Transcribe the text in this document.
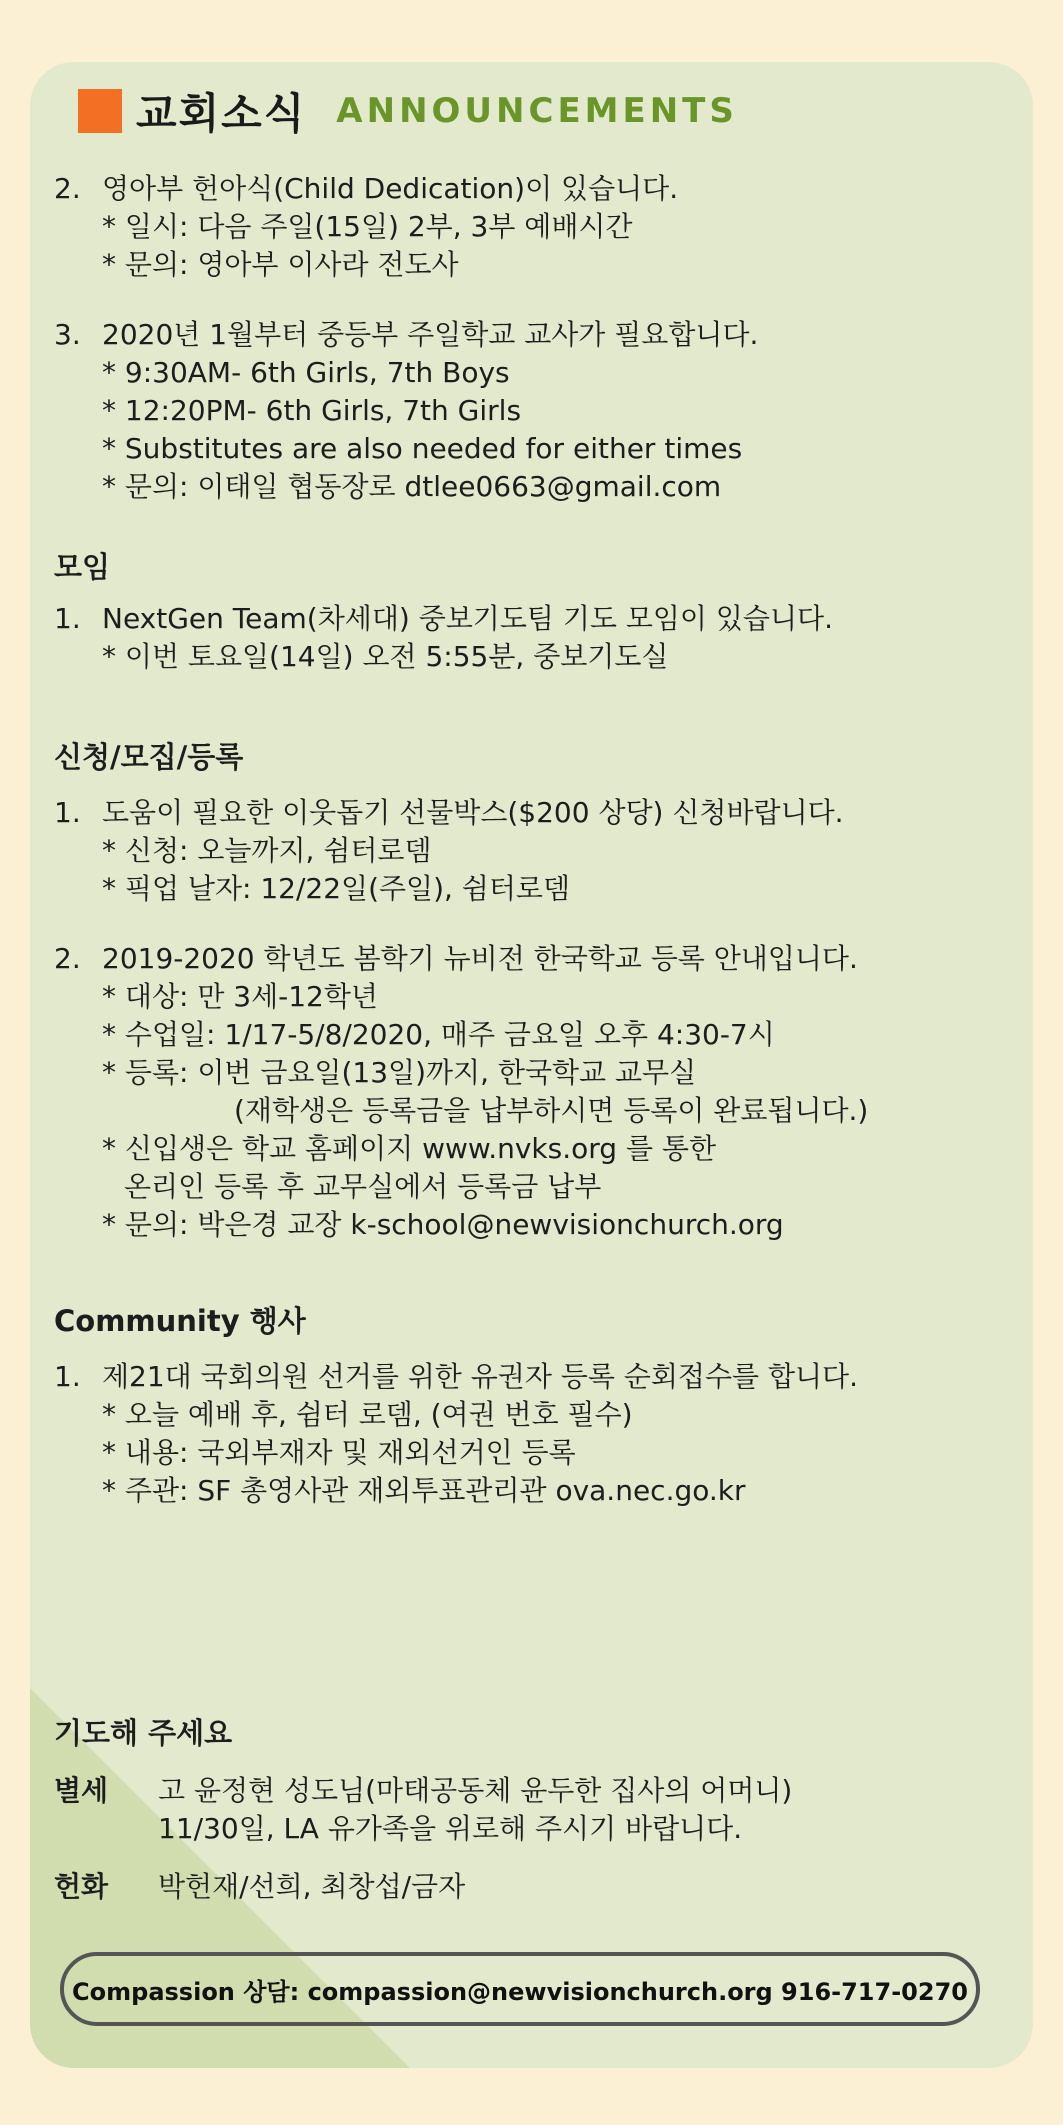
교회소식 ANNOUNCEMENTS
2. 영아부 헌아식(Child Dedication)이 있습니다.
* 일시: 다음 주일(15일) 2부, 3부 예배시간
* 문의: 영아부 이사라 전도사
3. 2020년 1월부터 중등부 주일학교 교사가 필요합니다.
* 9:30AM- 6th Girls, 7th Boys
* 12:20PM- 6th Girls, 7th Girls
* Substitutes are also needed for either times
* 문의: 이태일 협동장로 dtlee0663@gmail.com
모임
1. NextGen Team(차세대) 중보기도팀 기도 모임이 있습니다.
* 이번 토요일(14일) 오전 5:55분, 중보기도실
신청/모집/등록
1. 도움이 필요한 이웃돕기 선물박스($200 상당) 신청바랍니다.
* 신청: 오늘까지, 쉼터로뎀
* 픽업 날자: 12/22일(주일), 쉼터로뎀
2. 2019-2020 학년도 봄학기 뉴비전 한국학교 등록 안내입니다.
* 대상: 만 3세-12학년
* 수업일: 1/17-5/8/2020, 매주 금요일 오후 4:30-7시
* 등록: 이번 금요일(13일)까지, 한국학교 교무실
(재학생은 등록금을 납부하시면 등록이 완료됩니다.)
* 신입생은 학교 홈페이지 www.nvks.org 를 통한
온리인 등록 후 교무실에서 등록금 납부
* 문의: 박은경 교장 k-school@newvisionchurch.org
Community 행사
1. 제21대 국회의원 선거를 위한 유권자 등록 순회접수를 합니다.
* 오늘 예배 후, 쉼터 로뎀, (여권 번호 필수)
* 내용: 국외부재자 및 재외선거인 등록
* 주관: SF 총영사관 재외투표관리관 ova.nec.go.kr
기도해 주세요
별세	고 윤정현 성도님(마태공동체 윤두한 집사의 어머니)
11/30일, LA 유가족을 위로해 주시기 바랍니다.
헌화	박헌재/선희, 최창섭/금자
Compassion 상담: compassion@newvisionchurch.org 916-717-0270
